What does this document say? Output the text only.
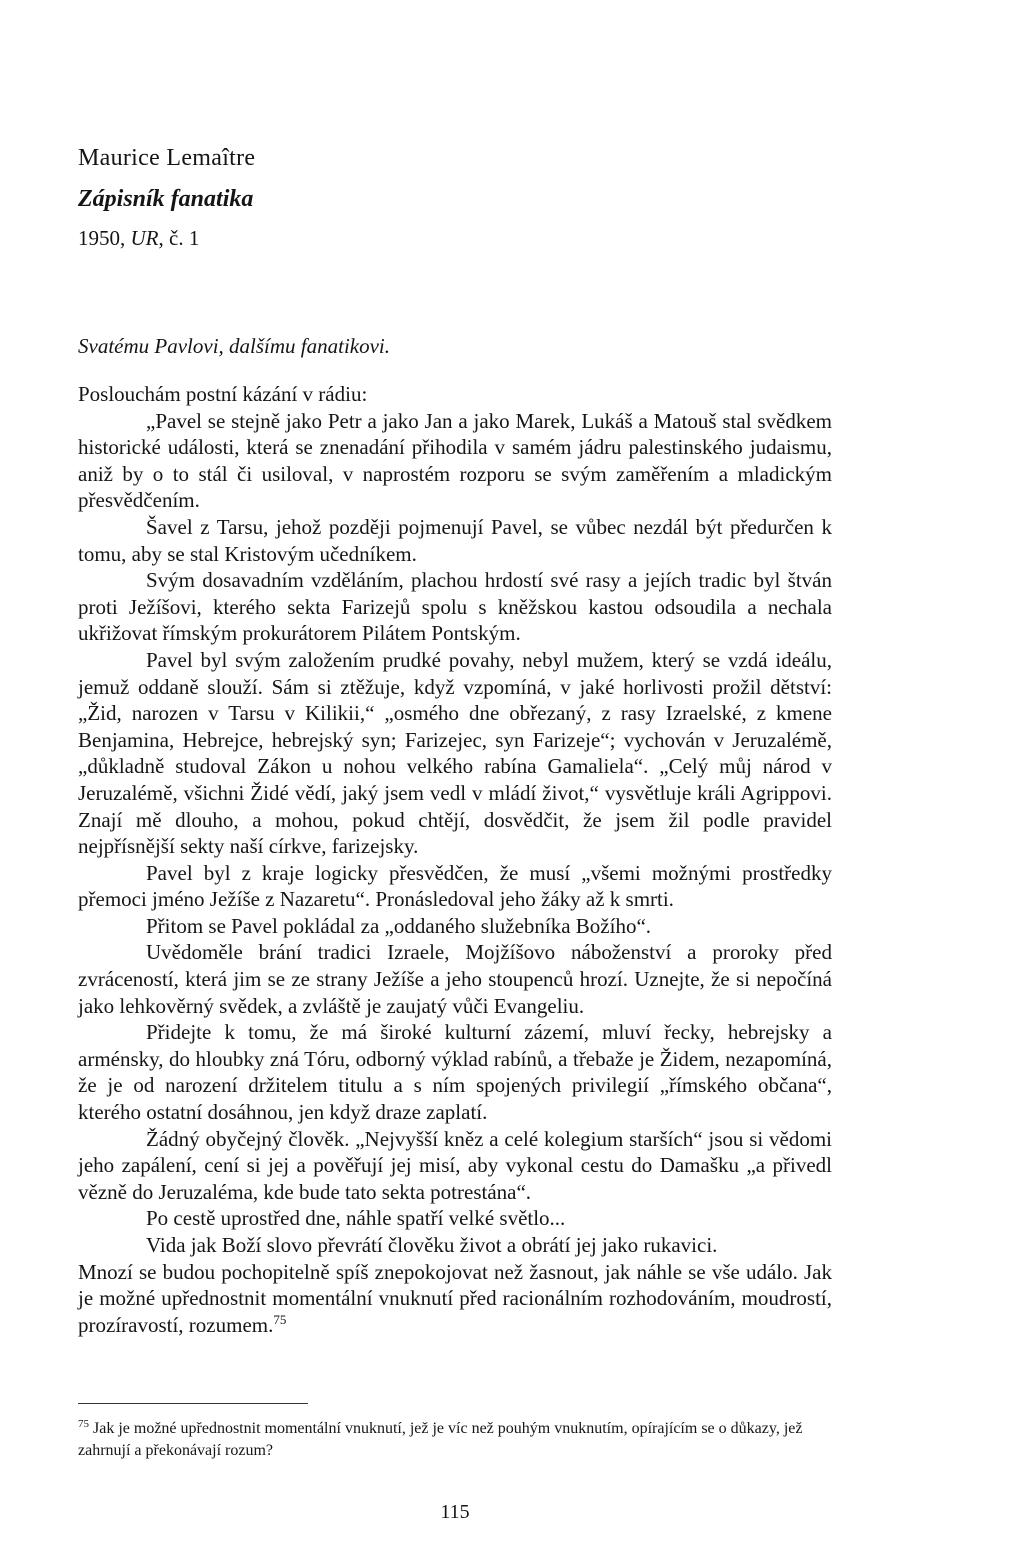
Maurice Lemaître
Zápisník fanatika
1950, UR, č. 1
Svatému Pavlovi, dalšímu fanatikovi.

Poslouchám postní kázání v rádiu:

„Pavel se stejně jako Petr a jako Jan a jako Marek, Lukáš a Matouš stal svědkem historické události, která se znenadání přihodila v samém jádru palestinského judaismu, aniž by o to stál či usiloval, v naprostém rozporu se svým zaměřením a mladickým přesvědčením.

Šavel z Tarsu, jehož později pojmenují Pavel, se vůbec nezdál být předurčen k tomu, aby se stal Kristovým učedníkem.

Svým dosavadním vzděláním, plachou hrdostí své rasy a jejích tradic byl štván proti Ježíšovi, kterého sekta Farizejů spolu s kněžskou kastou odsoudila a nechala ukřižovat římským prokurátorem Pilátem Pontským.

Pavel byl svým založením prudké povahy, nebyl mužem, který se vzdá ideálu, jemuž oddaně slouží. Sám si ztěžuje, když vzpomíná, v jaké horlivosti prožil dětství: „Žid, narozen v Tarsu v Kilikii,“ „osmého dne obřezaný, z rasy Izraelské, z kmene Benjamina, Hebrejce, hebrejský syn; Farizejec, syn Farizeje“; vychován v Jeruzalémě, „důkladně studoval Zákon u nohou velkého rabína Gamaliela“. „Celý můj národ v Jeruzalémě, všichni Židé vědí, jaký jsem vedl v mládí život,“ vysvětluje králi Agrippovi. Znají mě dlouho, a mohou, pokud chtějí, dosvědčit, že jsem žil podle pravidel nejpřísnější sekty naší církve, farizejsky.

Pavel byl z kraje logicky přesvědčen, že musí „všemi možnými prostředky přemoci jméno Ježíše z Nazaretu“. Pronásledoval jeho žáky až k smrti.

Přitom se Pavel pokládal za „oddaného služebníka Božího“.

Uvědoměle brání tradici Izraele, Mojžíšovo náboženství a proroky před zvráceností, která jim se ze strany Ježíše a jeho stoupenců hrozí. Uznejte, že si nepočíná jako lehkověrný svědek, a zvláště je zaujatý vůči Evangeliu.

Přidejte k tomu, že má široké kulturní zázemí, mluví řecky, hebrejsky a arménsky, do hloubky zná Tóru, odborný výklad rabínů, a třebaže je Židem, nezapomíná, že je od narození držitelem titulu a s ním spojených privilegií „římského občana“, kterého ostatní dosáhnou, jen když draze zaplatí.

Žádný obyčejný člověk. „Nejvyšší kněz a celé kolegium starších“ jsou si vědomi jeho zapálení, cení si jej a pověřují jej misí, aby vykonal cestu do Damašku „a přivedl vězně do Jeruzaléma, kde bude tato sekta potrestána“.

Po cestě uprostřed dne, náhle spatří velké světlo...

Vida jak Boží slovo převrátí člověku život a obrátí jej jako rukavici.

Mnozí se budou pochopitelně spíš znepokojovat než žasnout, jak náhle se vše událo. Jak je možné upřednostnit momentální vnuknutí před racionálním rozhodováním, moudrostí, prozíravostí, rozumem.$^{75}$

$^{75}$ Jak je možné upřednostnit momentální vnuknutí, jež je víc než pouhým vnuknutím, opírajícím se o důkazy, jež zahrnují a překonávají rozum?
115
